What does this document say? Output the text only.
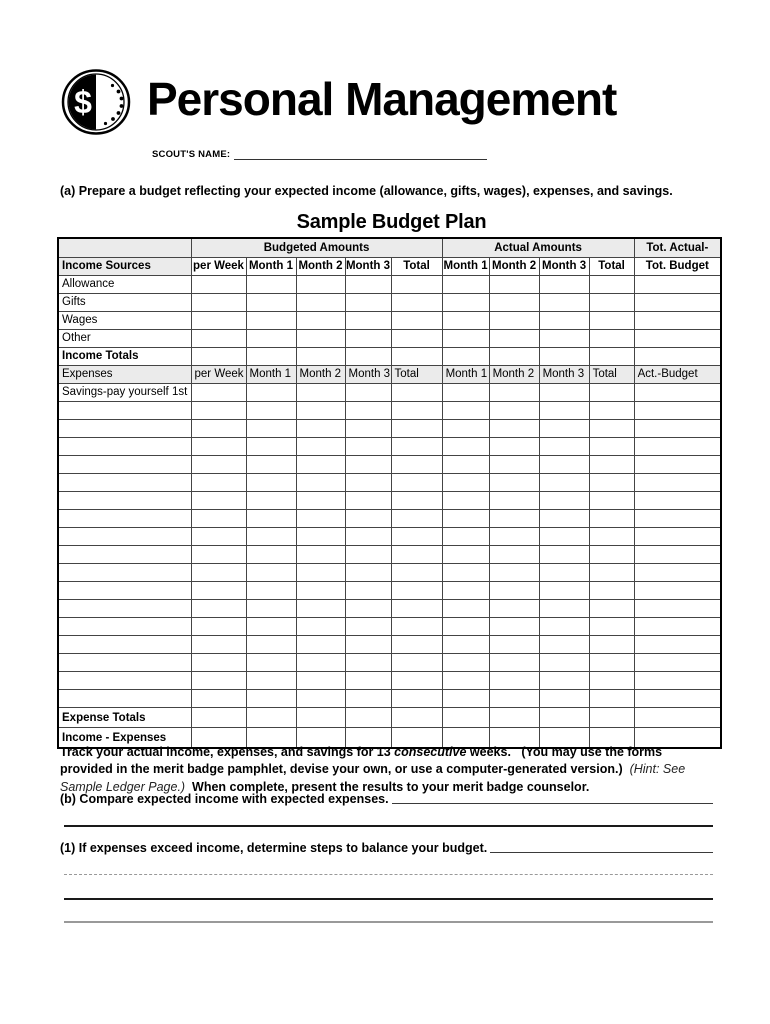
$ Personal Management
SCOUT'S NAME:
(a) Prepare a budget reflecting your expected income (allowance, gifts, wages), expenses, and savings.
Sample Budget Plan
	Budgeted Amounts					Actual Amounts				Tot. Actual-
Income Sources	per Week	Month 1	Month 2	Month 3	Total	Month 1	Month 2	Month 3	Total	Tot. Budget
Allowance										
Gifts										
Wages										
Other										
Income Totals										
Expenses	per Week	Month 1	Month 2	Month 3	Total	Month 1	Month 2	Month 3	Total	Act.-Budget
Savings-pay yourself 1st										

Expense Totals										
Income - Expenses										

Track your actual income, expenses, and savings for 13 consecutive weeks.   (You may use the forms provided in the merit badge pamphlet, devise your own, or use a computer-generated version.)  (Hint: See Sample Ledger Page.)  When complete, present the results to your merit badge counselor.

(b) Compare expected income with expected expenses.
(1) If expenses exceed income, determine steps to balance your budget.
